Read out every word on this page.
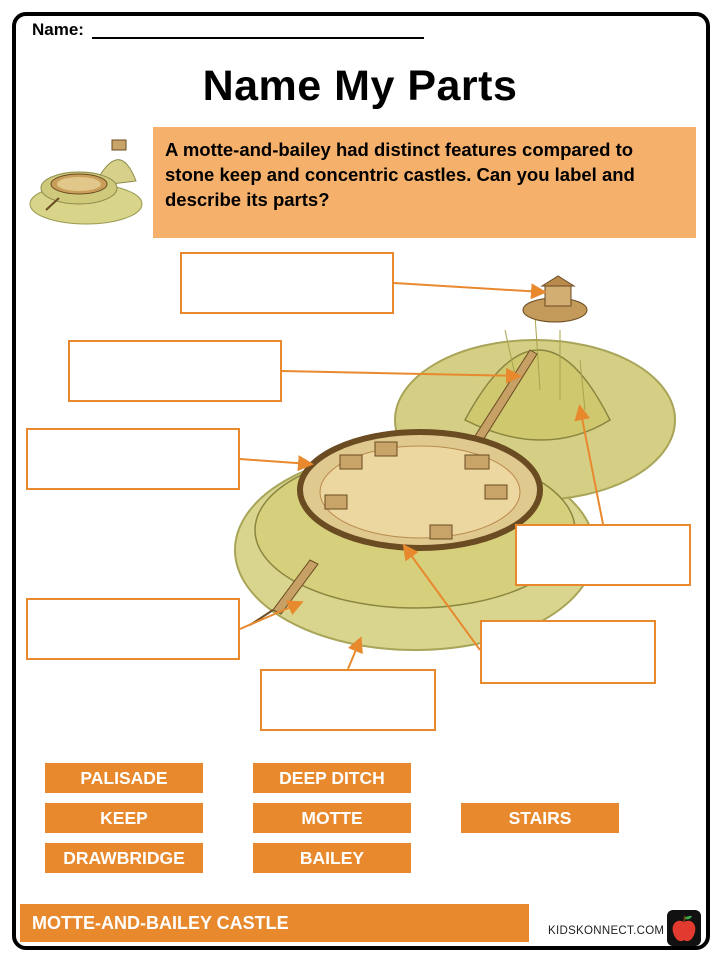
Name:
Name My Parts
A motte-and-bailey had distinct features compared to stone keep and concentric castles. Can you label and describe its parts?
PALISADE	DEEP DITCH
KEEP	MOTTE	STAIRS
DRAWBRIDGE	BAILEY
MOTTE-AND-BAILEY CASTLE	KIDSKONNECT.COM
